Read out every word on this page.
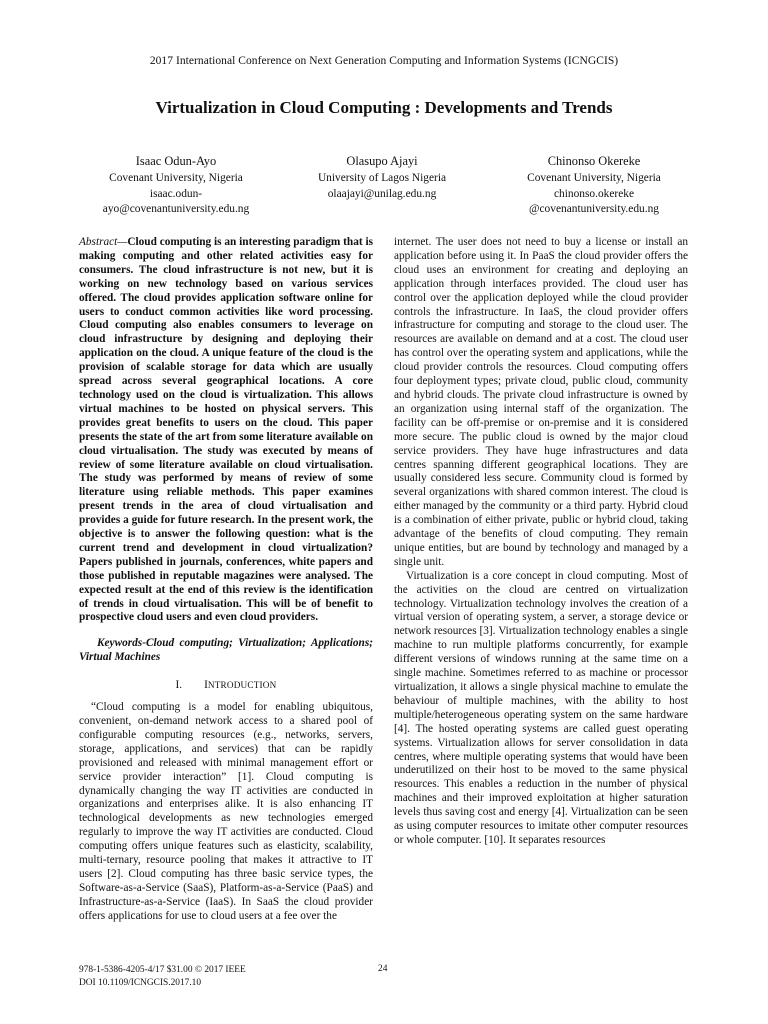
2017 International Conference on Next Generation Computing and Information Systems (ICNGCIS)
Virtualization in Cloud Computing : Developments and Trends
Isaac Odun-Ayo
Covenant University, Nigeria
isaac.odun-
ayo@covenantuniversity.edu.ng
Olasupo Ajayi
University of Lagos Nigeria
olaajayi@unilag.edu.ng
Chinonso Okereke
Covenant University, Nigeria
chinonso.okereke
@covenantuniversity.edu.ng

Abstract—Cloud computing is an interesting paradigm that is making computing and other related activities easy for consumers. The cloud infrastructure is not new, but it is working on new technology based on various services offered. The cloud provides application software online for users to conduct common activities like word processing. Cloud computing also enables consumers to leverage on cloud infrastructure by designing and deploying their application on the cloud. A unique feature of the cloud is the provision of scalable storage for data which are usually spread across several geographical locations. A core technology used on the cloud is virtualization. This allows virtual machines to be hosted on physical servers. This provides great benefits to users on the cloud. This paper presents the state of the art from some literature available on cloud virtualisation. The study was executed by means of review of some literature available on cloud virtualisation. The study was performed by means of review of some literature using reliable methods. This paper examines present trends in the area of cloud virtualisation and provides a guide for future research. In the present work, the objective is to answer the following question: what is the current trend and development in cloud virtualization? Papers published in journals, conferences, white papers and those published in reputable magazines were analysed. The expected result at the end of this review is the identification of trends in cloud virtualisation. This will be of benefit to prospective cloud users and even cloud providers.

Keywords-Cloud computing; Virtualization; Applications; Virtual Machines

I. INTRODUCTION

“Cloud computing is a model for enabling ubiquitous, convenient, on-demand network access to a shared pool of configurable computing resources (e.g., networks, servers, storage, applications, and services) that can be rapidly provisioned and released with minimal management effort or service provider interaction” [1]. Cloud computing is dynamically changing the way IT activities are conducted in organizations and enterprises alike. It is also enhancing IT technological developments as new technologies emerged regularly to improve the way IT activities are conducted. Cloud computing offers unique features such as elasticity, scalability, multi-ternary, resource pooling that makes it attractive to IT users [2]. Cloud computing has three basic service types, the Software-as-a-Service (SaaS), Platform-as-a-Service (PaaS) and Infrastructure-as-a-Service (IaaS). In SaaS the cloud provider offers applications for use to cloud users at a fee over the

internet. The user does not need to buy a license or install an application before using it. In PaaS the cloud provider offers the cloud uses an environment for creating and deploying an application through interfaces provided. The cloud user has control over the application deployed while the cloud provider controls the infrastructure. In IaaS, the cloud provider offers infrastructure for computing and storage to the cloud user. The resources are available on demand and at a cost. The cloud user has control over the operating system and applications, while the cloud provider controls the resources. Cloud computing offers four deployment types; private cloud, public cloud, community and hybrid clouds. The private cloud infrastructure is owned by an organization using internal staff of the organization. The facility can be off-premise or on-premise and it is considered more secure. The public cloud is owned by the major cloud service providers. They have huge infrastructures and data centres spanning different geographical locations. They are usually considered less secure. Community cloud is formed by several organizations with shared common interest. The cloud is either managed by the community or a third party. Hybrid cloud is a combination of either private, public or hybrid cloud, taking advantage of the benefits of cloud computing. They remain unique entities, but are bound by technology and managed by a single unit.

Virtualization is a core concept in cloud computing. Most of the activities on the cloud are centred on virtualization technology. Virtualization technology involves the creation of a virtual version of operating system, a server, a storage device or network resources [3]. Virtualization technology enables a single machine to run multiple platforms concurrently, for example different versions of windows running at the same time on a single machine. Sometimes referred to as machine or processor virtualization, it allows a single physical machine to emulate the behaviour of multiple machines, with the ability to host multiple/heterogeneous operating system on the same hardware [4]. The hosted operating systems are called guest operating systems. Virtualization allows for server consolidation in data centres, where multiple operating systems that would have been underutilized on their host to be moved to the same physical resources. This enables a reduction in the number of physical machines and their improved exploitation at higher saturation levels thus saving cost and energy [4]. Virtualization can be seen as using computer resources to imitate other computer resources or whole computer. [10]. It separates resources

978-1-5386-4205-4/17 $31.00 © 2017 IEEE
DOI 10.1109/ICNGCIS.2017.10
24
